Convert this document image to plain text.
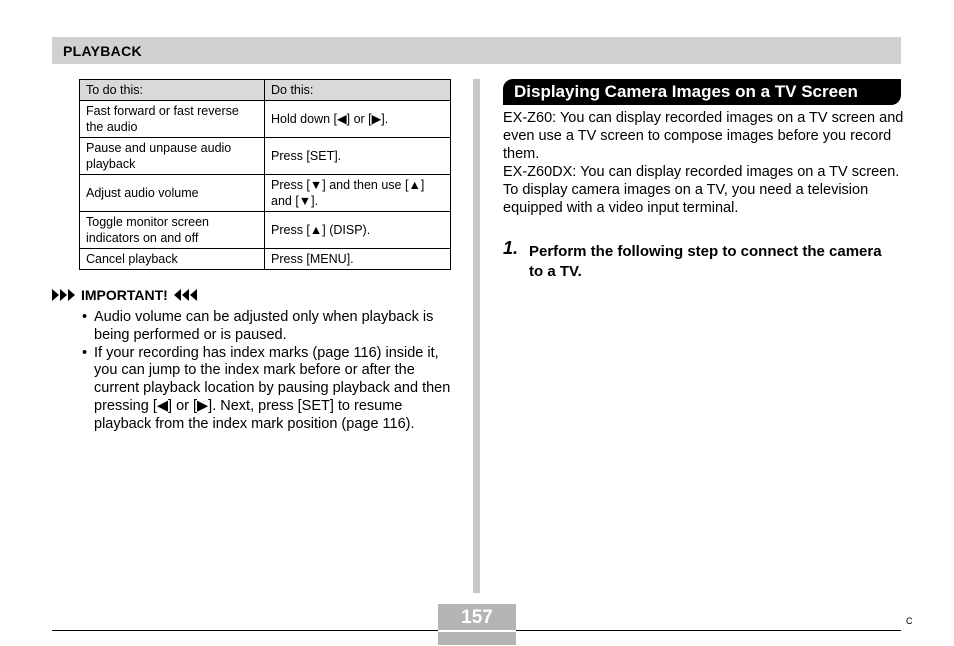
PLAYBACK
To do this:	Do this:
Fast forward or fast reverse the audio	Hold down [◀] or [▶].
Pause and unpause audio playback	Press [SET].
Adjust audio volume	Press [▼] and then use [▲] and [▼].
Toggle monitor screen indicators on and off	Press [▲] (DISP).
Cancel playback	Press [MENU].
IMPORTANT!
• Audio volume can be adjusted only when playback is being performed or is paused.
• If your recording has index marks (page 116) inside it, you can jump to the index mark before or after the current playback location by pausing playback and then pressing [◀] or [▶]. Next, press [SET] to resume playback from the index mark position (page 116).
Displaying Camera Images on a TV Screen

EX-Z60: You can display recorded images on a TV screen and even use a TV screen to compose images before you record them.

EX-Z60DX: You can display recorded images on a TV screen. To display camera images on a TV, you need a television equipped with a video input terminal.

1. Perform the following step to connect the camera to a TV.
157	C
